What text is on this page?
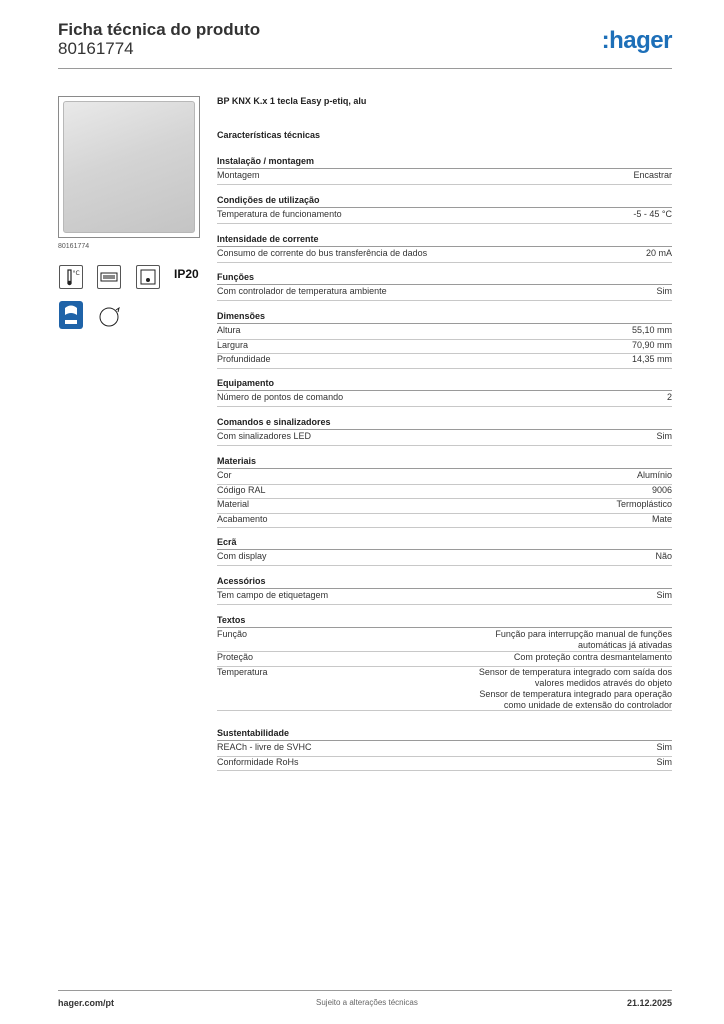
Ficha técnica do produto
80161774	:hager
80161774
°C	IP20
BP KNX K.x 1 tecla Easy p-etiq, alu
Características técnicas
Instalação / montagem
Montagem	Encastrar
Condições de utilização
Temperatura de funcionamento	-5 - 45 °C
Intensidade de corrente
Consumo de corrente do bus transferência de dados	20 mA
Funções
Com controlador de temperatura ambiente	Sim
Dimensões
Altura	55,10 mm
Largura	70,90 mm
Profundidade	14,35 mm
Equipamento
Número de pontos de comando	2
Comandos e sinalizadores
Com sinalizadores LED	Sim
Materiais
Cor	Alumínio
Código RAL	9006
Material	Termoplástico
Acabamento	Mate
Ecrã
Com display	Não
Acessórios
Tem campo de etiquetagem	Sim
Textos
Função	Função para interrupção manual de funções
automáticas já ativadas
Proteção	Com proteção contra desmantelamento
Temperatura	Sensor de temperatura integrado com saída dos
valores medidos através do objeto
Sensor de temperatura integrado para operação
como unidade de extensão do controlador
Sustentabilidade
REACh - livre de SVHC	Sim
Conformidade RoHs	Sim
hager.com/pt	Sujeito a alterações técnicas	21.12.2025
